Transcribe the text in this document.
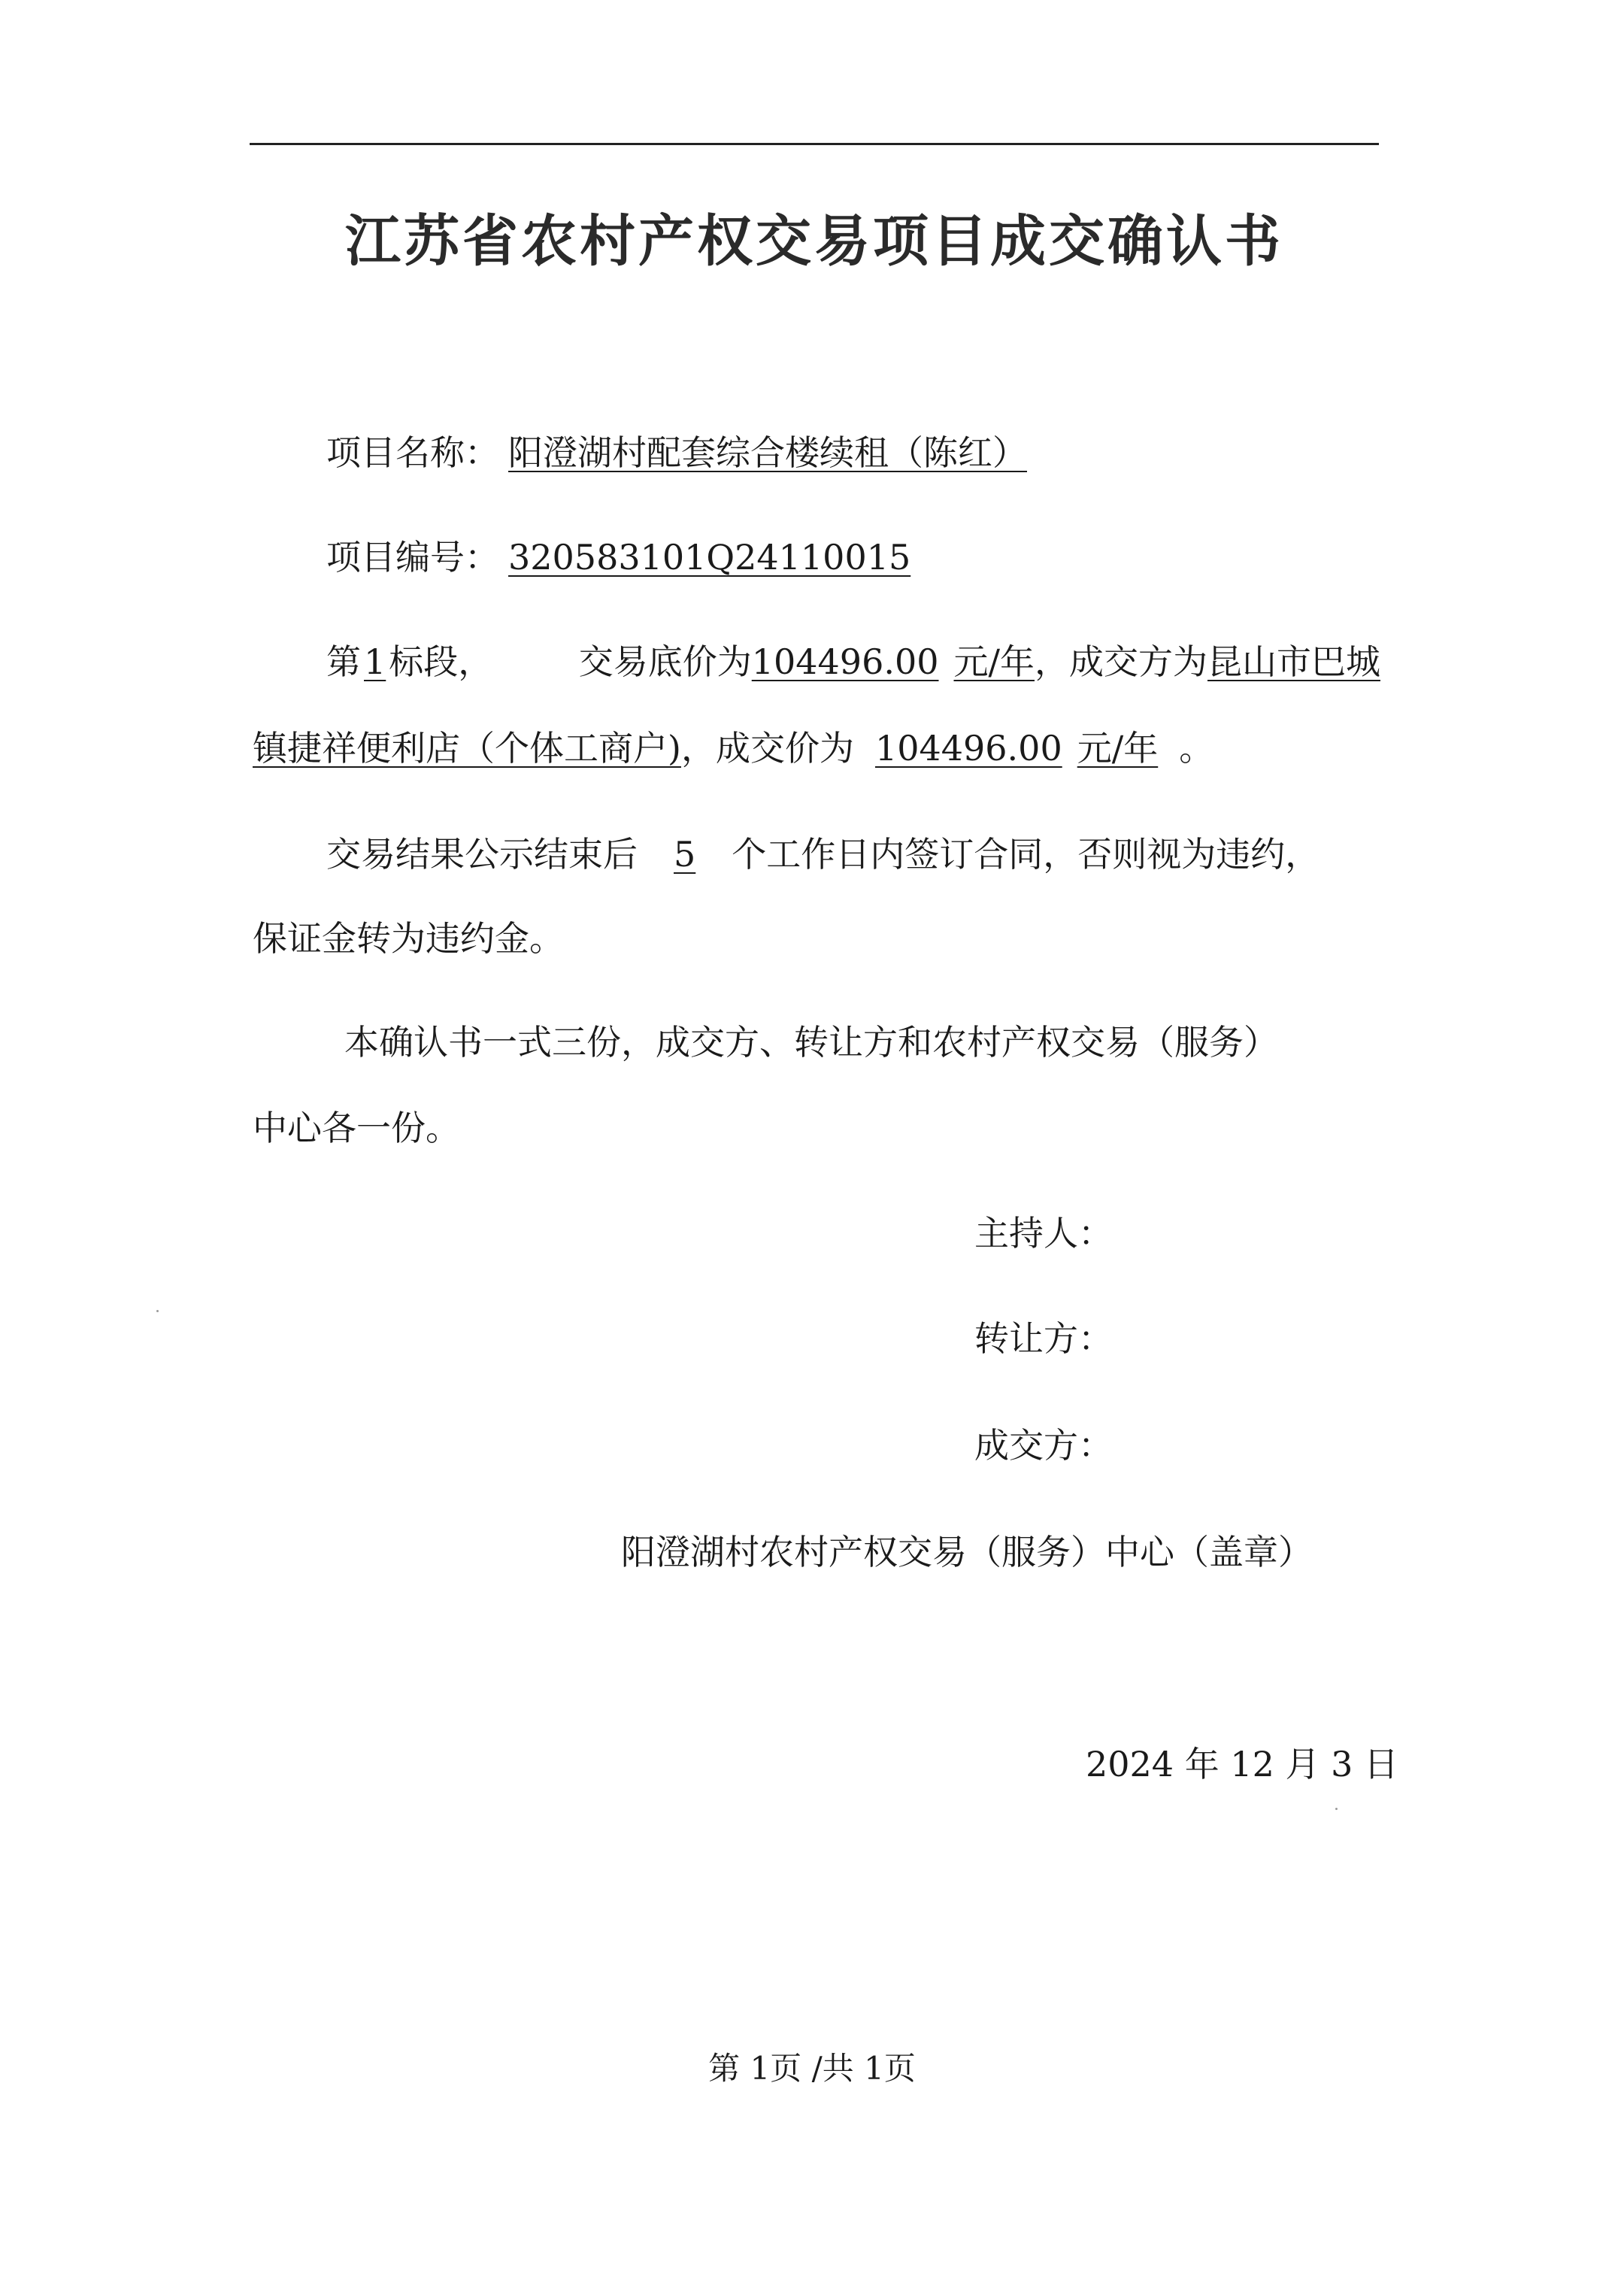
江苏省农村产权交易项目成交确认书
项目名称： 阳澄湖村配套综合楼续租（陈红）
项目编号： 320583101Q24110015
第1标段， 交易底价为104496.00 元/年，成交方为昆山市巴城
镇捷祥便利店（个体工商户)，成交价为 104496.00 元/年 。
交易结果公示结束后 5 个工作日内签订合同，否则视为违约，
保证金转为违约金。
本确认书一式三份，成交方、转让方和农村产权交易（服务）
中心各一份。
主持人：
转让方：
成交方：
阳澄湖村农村产权交易（服务）中心（盖章）
2024 年 12 月 3 日
第 1页 /共 1页
